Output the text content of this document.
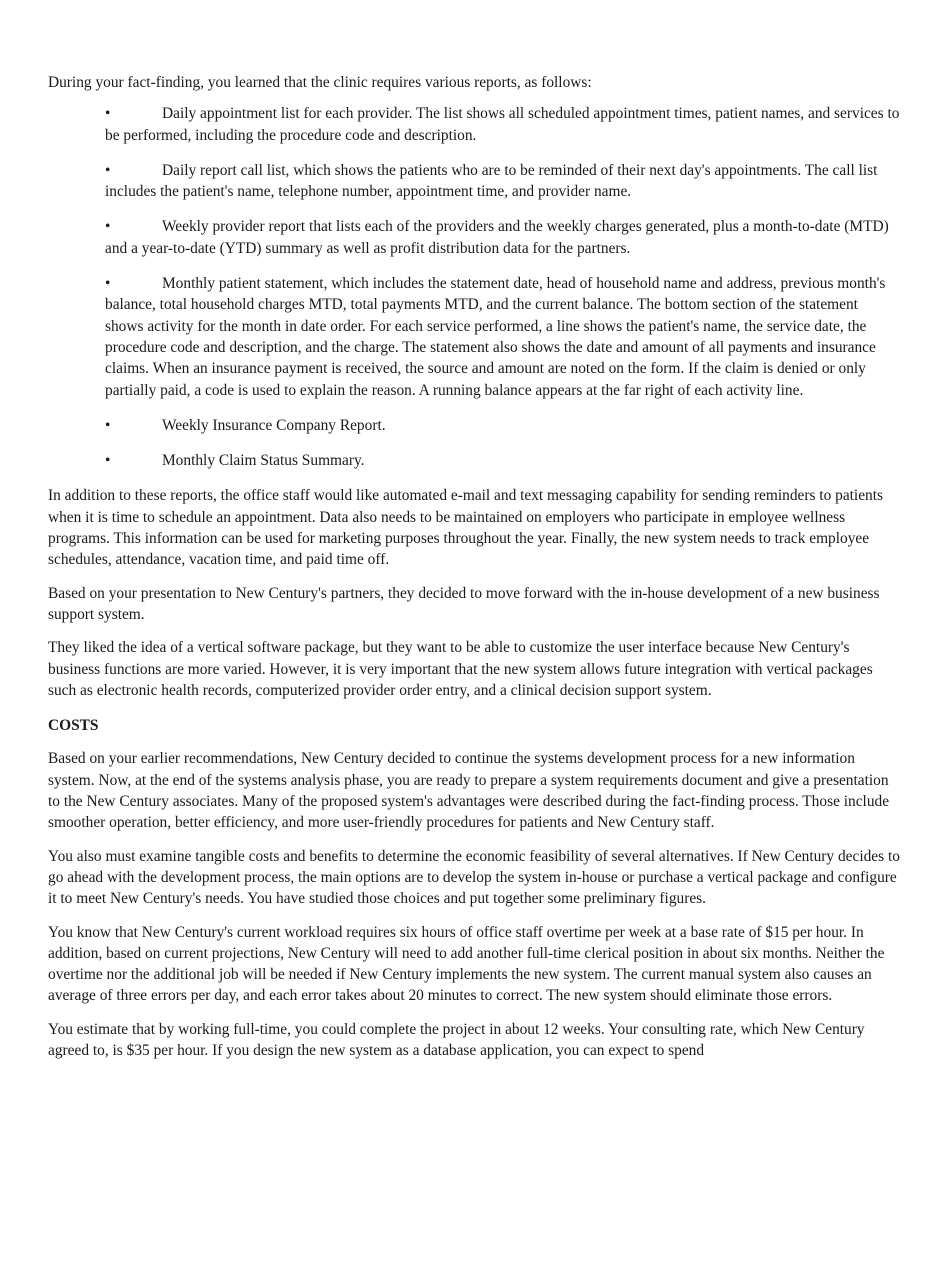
During your fact-finding, you learned that the clinic requires various reports, as follows:

•	Daily appointment list for each provider. The list shows all scheduled appointment times, patient names, and services to be performed, including the procedure code and description.
•	Daily report call list, which shows the patients who are to be reminded of their next day's appointments. The call list includes the patient's name, telephone number, appointment time, and provider name.
•	Weekly provider report that lists each of the providers and the weekly charges generated, plus a month-to-date (MTD) and a year-to-date (YTD) summary as well as profit distribution data for the partners.
•	Monthly patient statement, which includes the statement date, head of household name and address, previous month's balance, total household charges MTD, total payments MTD, and the current balance. The bottom section of the statement shows activity for the month in date order. For each service performed, a line shows the patient's name, the service date, the procedure code and description, and the charge. The statement also shows the date and amount of all payments and insurance claims. When an insurance payment is received, the source and amount are noted on the form. If the claim is denied or only partially paid, a code is used to explain the reason. A running balance appears at the far right of each activity line.
•	Weekly Insurance Company Report.
•	Monthly Claim Status Summary.

In addition to these reports, the office staff would like automated e-mail and text messaging capability for sending reminders to patients when it is time to schedule an appointment. Data also needs to be maintained on employers who participate in employee wellness programs. This information can be used for marketing purposes throughout the year. Finally, the new system needs to track employee schedules, attendance, vacation time, and paid time off.

Based on your presentation to New Century's partners, they decided to move forward with the in-house development of a new business support system.

They liked the idea of a vertical software package, but they want to be able to customize the user interface because New Century's business functions are more varied. However, it is very important that the new system allows future integration with vertical packages such as electronic health records, computerized provider order entry, and a clinical decision support system.

COSTS

Based on your earlier recommendations, New Century decided to continue the systems development process for a new information system. Now, at the end of the systems analysis phase, you are ready to prepare a system requirements document and give a presentation to the New Century associates. Many of the proposed system's advantages were described during the fact-finding process. Those include smoother operation, better efficiency, and more user-friendly procedures for patients and New Century staff.

You also must examine tangible costs and benefits to determine the economic feasibility of several alternatives. If New Century decides to go ahead with the development process, the main options are to develop the system in-house or purchase a vertical package and configure it to meet New Century's needs. You have studied those choices and put together some preliminary figures.

You know that New Century's current workload requires six hours of office staff overtime per week at a base rate of $15 per hour. In addition, based on current projections, New Century will need to add another full-time clerical position in about six months. Neither the overtime nor the additional job will be needed if New Century implements the new system. The current manual system also causes an average of three errors per day, and each error takes about 20 minutes to correct. The new system should eliminate those errors.

You estimate that by working full-time, you could complete the project in about 12 weeks. Your consulting rate, which New Century agreed to, is $35 per hour. If you design the new system as a database application, you can expect to spend
